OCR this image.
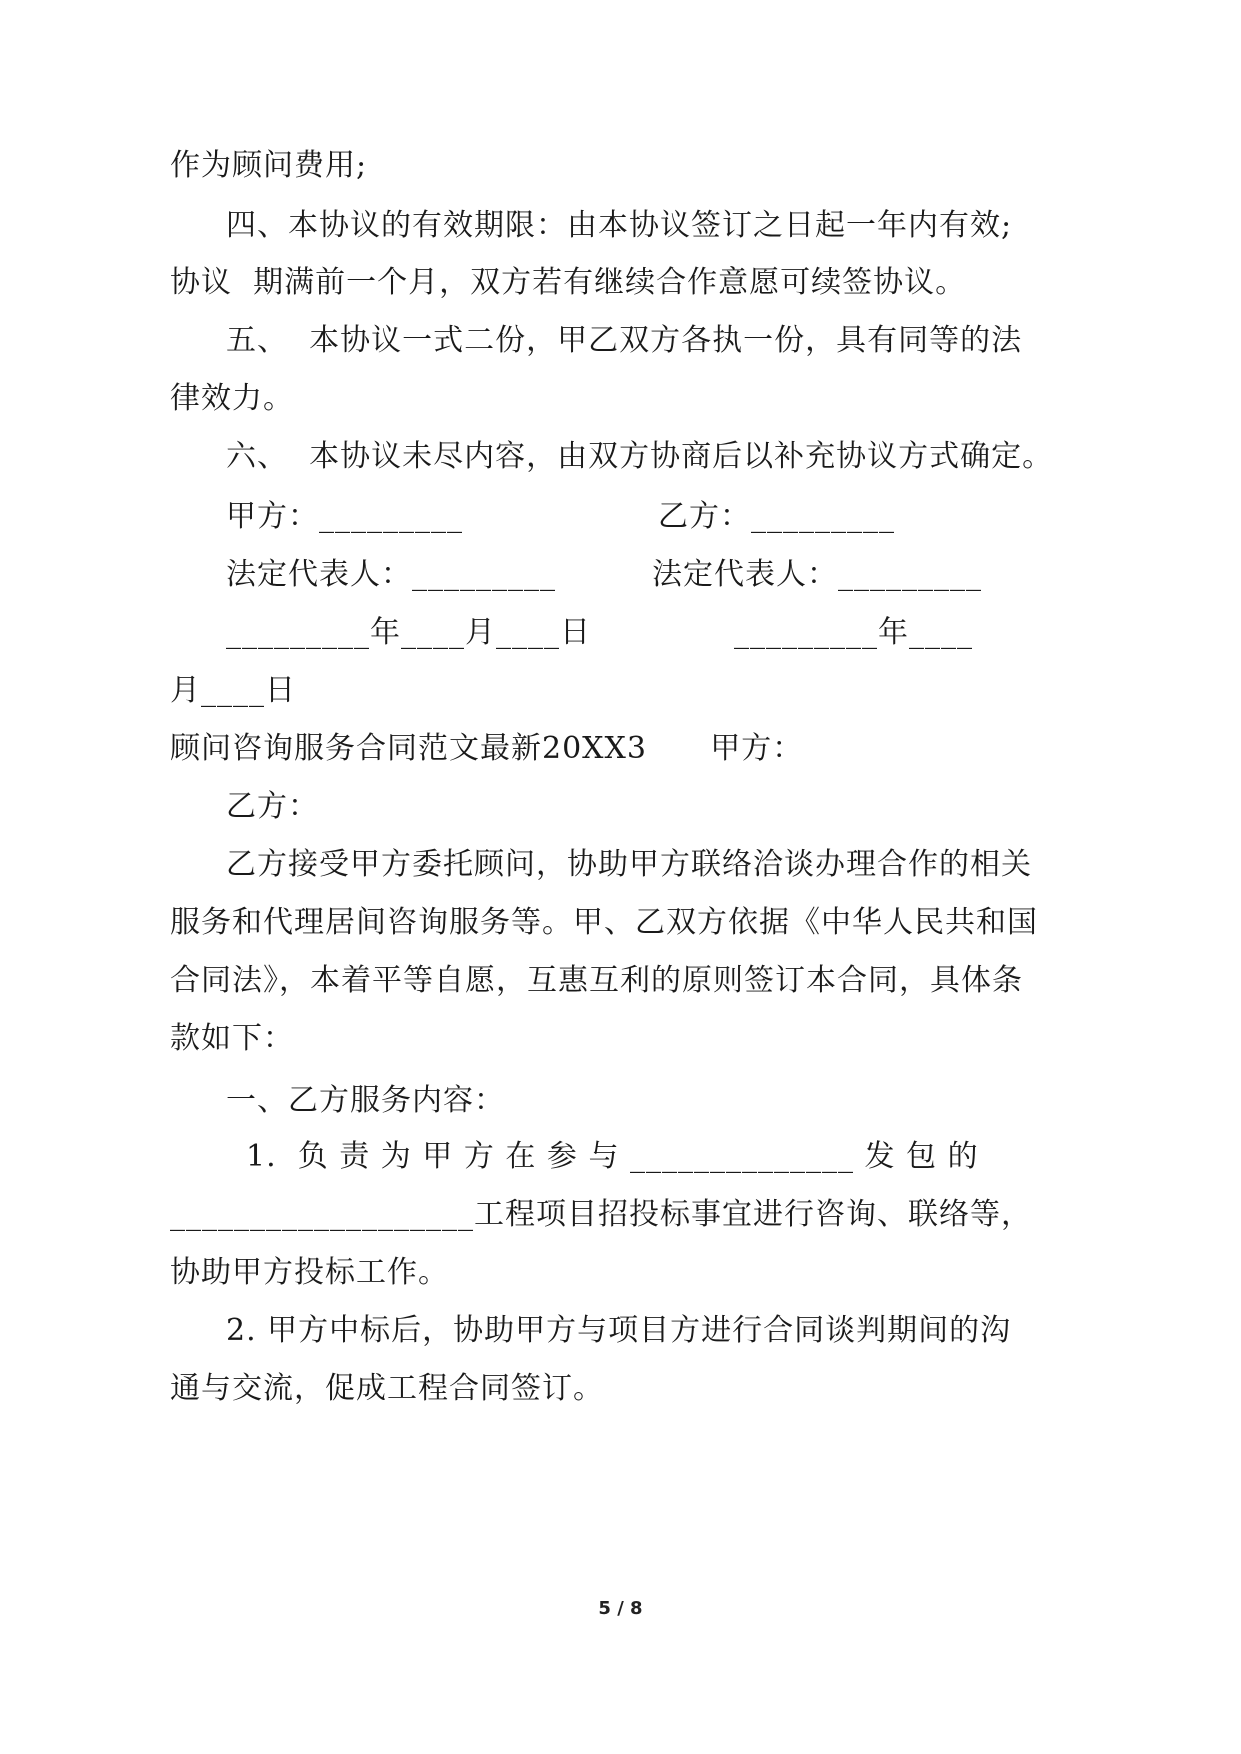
作为顾问费用;
四、本协议的有效期限：由本协议签订之日起一年内有效;
协议  期满前一个月，双方若有继续合作意愿可续签协议。
五、  本协议一式二份，甲乙双方各执一份，具有同等的法
律效力。
六、  本协议未尽内容，由双方协商后以补充协议方式确定。
甲方：_________	乙方：_________
法定代表人：_________	法定代表人：_________
_________年____月____日	_________年____
月____日
顾问咨询服务合同范文最新20XX3      甲方：
乙方：
乙方接受甲方委托顾问，协助甲方联络洽谈办理合作的相关
服务和代理居间咨询服务等。甲、乙双方依据《中华人民共和国
合同法》，本着平等自愿，互惠互利的原则签订本合同，具体条
款如下：
一、乙方服务内容：
1.  负 责 为 甲 方 在 参 与 ______________ 发 包 的
___________________工程项目招投标事宜进行咨询、联络等，
协助甲方投标工作。
2. 甲方中标后，协助甲方与项目方进行合同谈判期间的沟
通与交流，促成工程合同签订。
5 / 8
